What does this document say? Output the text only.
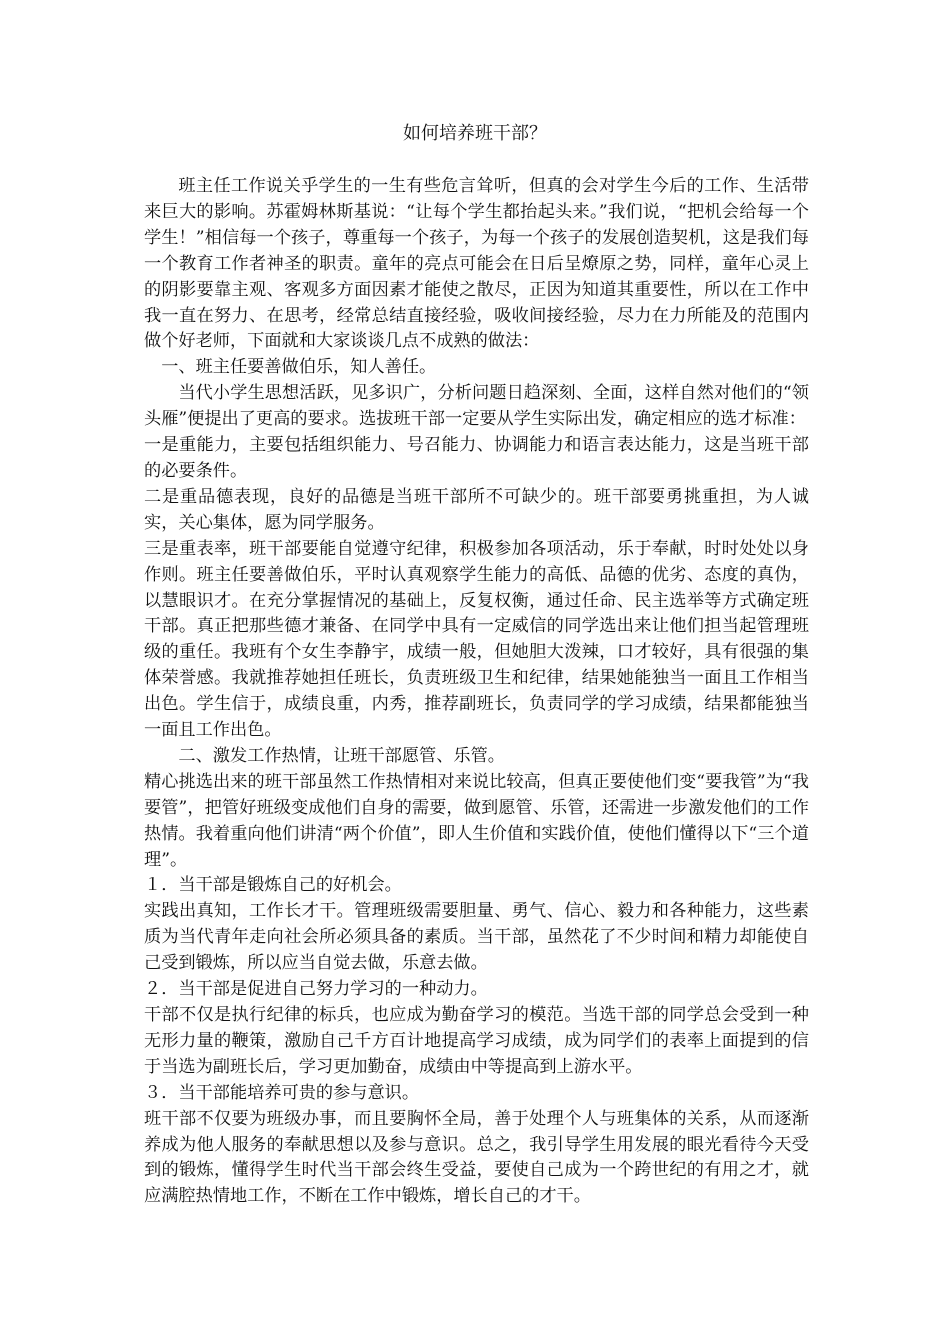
如何培养班干部？

班主任工作说关乎学生的一生有些危言耸听，但真的会对学生今后的工作、生活带来巨大的影响。苏霍姆林斯基说：“让每个学生都抬起头来。”我们说，“把机会给每一个学生！”相信每一个孩子，尊重每一个孩子，为每一个孩子的发展创造契机，这是我们每一个教育工作者神圣的职责。童年的亮点可能会在日后呈燎原之势，同样，童年心灵上的阴影要靠主观、客观多方面因素才能使之散尽，正因为知道其重要性，所以在工作中我一直在努力、在思考，经常总结直接经验，吸收间接经验，尽力在力所能及的范围内做个好老师，下面就和大家谈谈几点不成熟的做法：

一、班主任要善做伯乐，知人善任。

当代小学生思想活跃，见多识广，分析问题日趋深刻、全面，这样自然对他们的“领头雁”便提出了更高的要求。选拔班干部一定要从学生实际出发，确定相应的选才标准：

一是重能力，主要包括组织能力、号召能力、协调能力和语言表达能力，这是当班干部的必要条件。

二是重品德表现，良好的品德是当班干部所不可缺少的。班干部要勇挑重担，为人诚实，关心集体，愿为同学服务。

三是重表率，班干部要能自觉遵守纪律，积极参加各项活动，乐于奉献，时时处处以身作则。班主任要善做伯乐，平时认真观察学生能力的高低、品德的优劣、态度的真伪，以慧眼识才。在充分掌握情况的基础上，反复权衡，通过任命、民主选举等方式确定班干部。真正把那些德才兼备、在同学中具有一定威信的同学选出来让他们担当起管理班级的重任。我班有个女生李静宇，成绩一般，但她胆大泼辣，口才较好，具有很强的集体荣誉感。我就推荐她担任班长，负责班级卫生和纪律，结果她能独当一面且工作相当出色。学生信于，成绩良重，内秀，推荐副班长，负责同学的学习成绩，结果都能独当一面且工作出色。

二、激发工作热情，让班干部愿管、乐管。

精心挑选出来的班干部虽然工作热情相对来说比较高，但真正要使他们变“要我管”为“我要管”，把管好班级变成他们自身的需要，做到愿管、乐管，还需进一步激发他们的工作热情。我着重向他们讲清“两个价值”，即人生价值和实践价值，使他们懂得以下“三个道理”。

１．当干部是锻炼自己的好机会。

实践出真知，工作长才干。管理班级需要胆量、勇气、信心、毅力和各种能力，这些素质为当代青年走向社会所必须具备的素质。当干部，虽然花了不少时间和精力却能使自己受到锻炼，所以应当自觉去做，乐意去做。

２．当干部是促进自己努力学习的一种动力。

干部不仅是执行纪律的标兵，也应成为勤奋学习的模范。当选干部的同学总会受到一种无形力量的鞭策，激励自己千方百计地提高学习成绩，成为同学们的表率上面提到的信于当选为副班长后，学习更加勤奋，成绩由中等提高到上游水平。

３．当干部能培养可贵的参与意识。

班干部不仅要为班级办事，而且要胸怀全局，善于处理个人与班集体的关系，从而逐渐养成为他人服务的奉献思想以及参与意识。总之，我引导学生用发展的眼光看待今天受到的锻炼，懂得学生时代当干部会终生受益，要使自己成为一个跨世纪的有用之才，就应满腔热情地工作，不断在工作中锻炼，增长自己的才干。
